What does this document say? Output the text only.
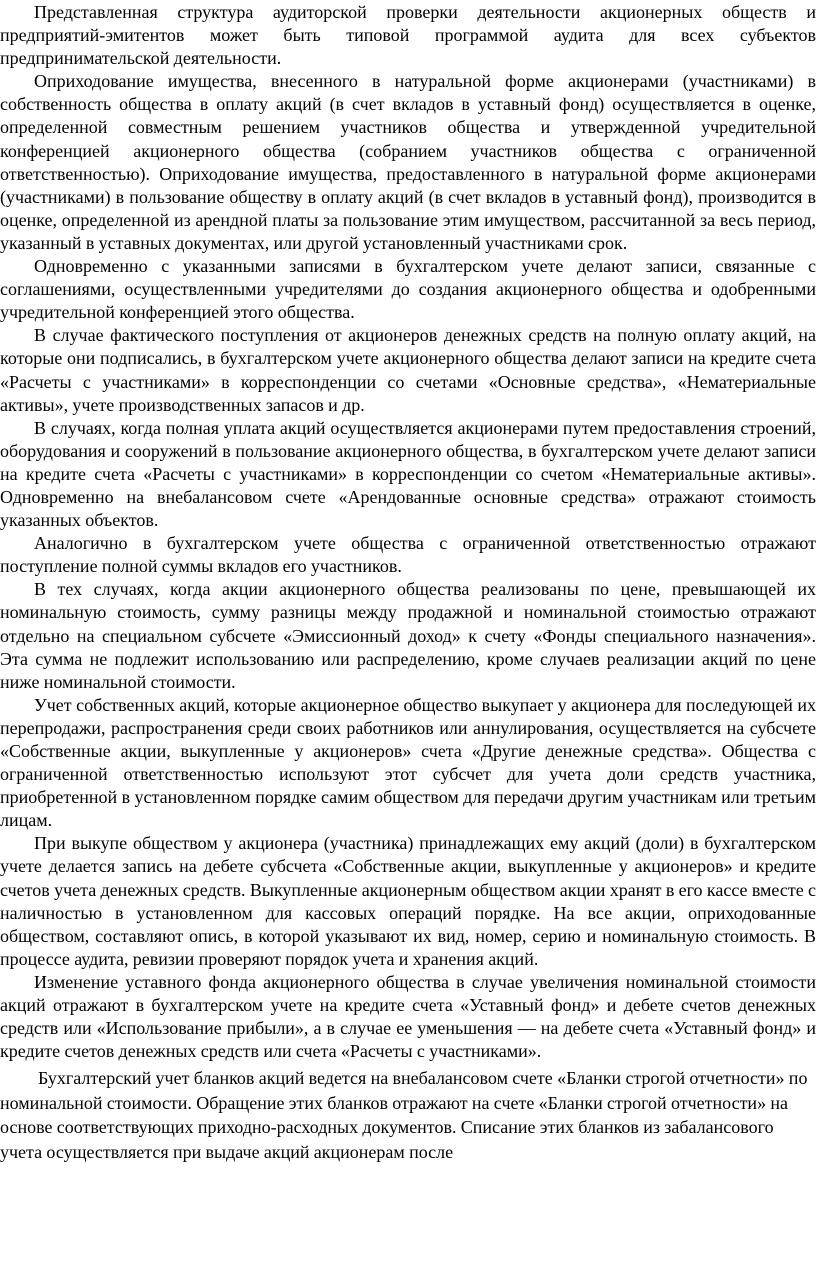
Представленная структура аудиторской проверки деятельности акционерных обществ и предприятий-эмитентов может быть типовой программой аудита для всех субъектов предпринимательской деятельности.

Оприходование имущества, внесенного в натуральной форме акционерами (участниками) в собственность общества в оплату акций (в счет вкладов в уставный фонд) осуществляется в оценке, определенной совместным решением участников общества и утвержденной учредительной конференцией акционерного общества (собранием участников общества с ограниченной ответственностью). Оприходование имущества, предоставленного в натуральной форме акционерами (участниками) в пользование обществу в оплату акций (в счет вкладов в уставный фонд), производится в оценке, определенной из арендной платы за пользование этим имуществом, рассчитанной за весь период, указанный в уставных документах, или другой установленный участниками срок.

Одновременно с указанными записями в бухгалтерском учете делают записи, связанные с соглашениями, осуществленными учредителями до создания акционерного общества и одобренными учредительной конференцией этого общества.

В случае фактического поступления от акционеров денежных средств на полную оплату акций, на которые они подписались, в бухгалтерском учете акционерного общества делают записи на кредите счета «Расчеты с участниками» в корреспонденции со счетами «Основные средства», «Нематериальные активы», учете производственных запасов и др.

В случаях, когда полная уплата акций осуществляется акционерами путем предоставления строений, оборудования и сооружений в пользование акционерного общества, в бухгалтерском учете делают записи на кредите счета «Расчеты с участниками» в корреспонденции со счетом «Нематериальные активы». Одновременно на внебалансовом счете «Арендованные основные средства» отражают стоимость указанных объектов.

Аналогично в бухгалтерском учете общества с ограниченной ответственностью отражают поступление полной суммы вкладов его участников.

В тех случаях, когда акции акционерного общества реализованы по цене, превышающей их номинальную стоимость, сумму разницы между продажной и номинальной стоимостью отражают отдельно на специальном субсчете «Эмиссионный доход» к счету «Фонды специального назначения». Эта сумма не подлежит использованию или распределению, кроме случаев реализации акций по цене ниже номинальной стоимости.

Учет собственных акций, которые акционерное общество выкупает у акционера для последующей их перепродажи, распространения среди своих работников или аннулирования, осуществляется на субсчете «Собственные акции, выкупленные у акционеров» счета «Другие денежные средства». Общества с ограниченной ответственностью используют этот субсчет для учета доли средств участника, приобретенной в установленном порядке самим обществом для передачи другим участникам или третьим лицам.

При выкупе обществом у акционера (участника) принадлежащих ему акций (доли) в бухгалтерском учете делается запись на дебете субсчета «Собственные акции, выкупленные у акционеров» и кредите счетов учета денежных средств. Выкупленные акционерным обществом акции хранят в его кассе вместе с наличностью в установленном для кассовых операций порядке. На все акции, оприходованные обществом, составляют опись, в которой указывают их вид, номер, серию и номинальную стоимость. В процессе аудита, ревизии проверяют порядок учета и хранения акций.

Изменение уставного фонда акционерного общества в случае увеличения номинальной стоимости акций отражают в бухгалтерском учете на кредите счета «Уставный фонд» и дебете счетов денежных средств или «Использование прибыли», а в случае ее уменьшения — на дебете счета «Уставный фонд» и кредите счетов денежных средств или счета «Расчеты с участниками».

Бухгалтерский учет бланков акций ведется на внебалансовом счете «Бланки строгой отчетности» по номинальной стоимости. Обращение этих бланков отражают на счете «Бланки строгой отчетности» на основе соответствующих приходно-расходных документов. Списание этих бланков из забалансового учета осуществляется при выдаче акций акционерам после
